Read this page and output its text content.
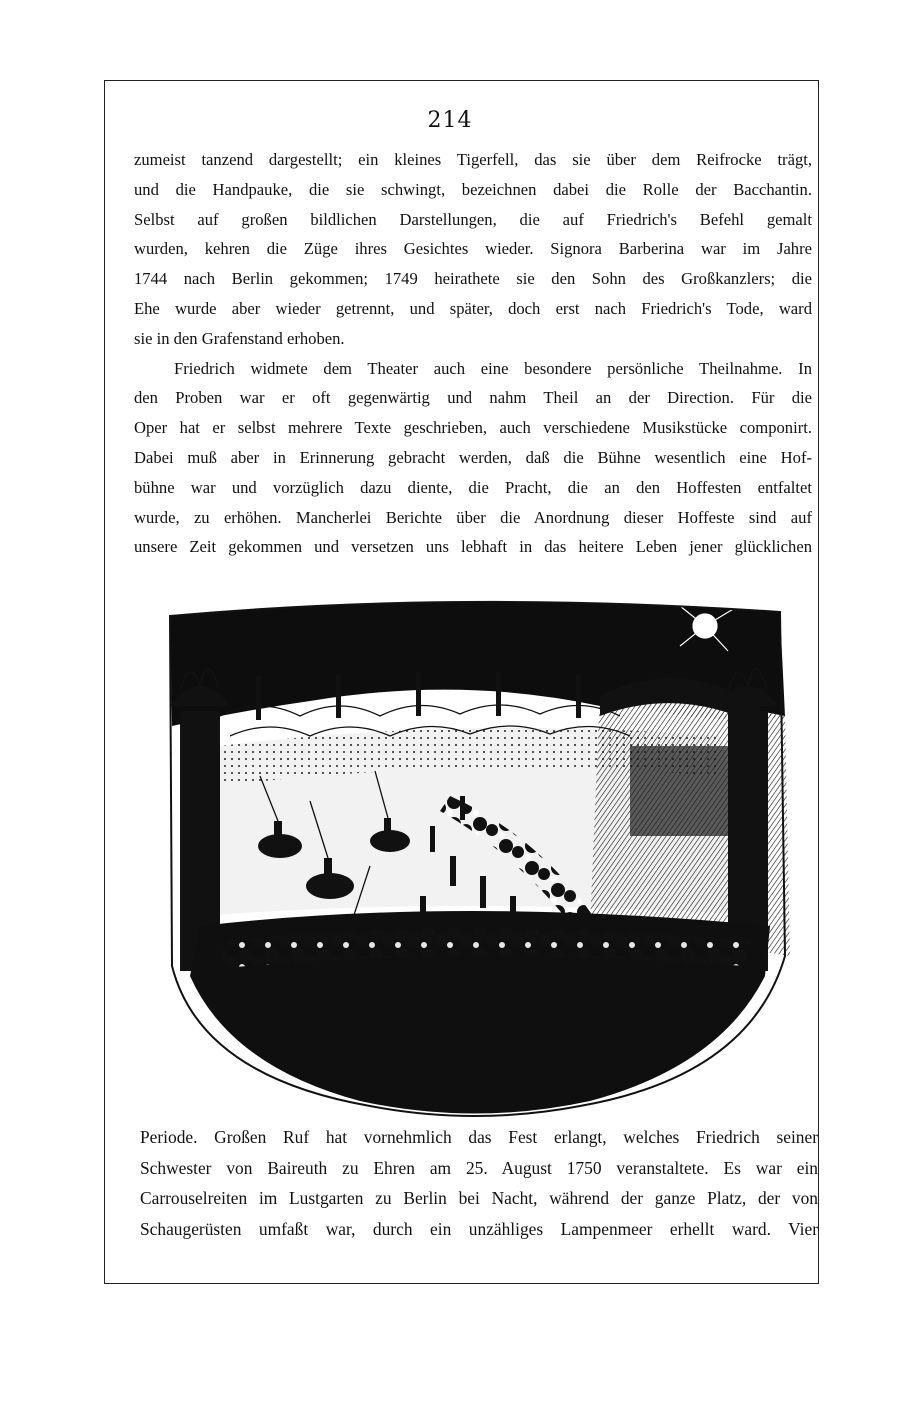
214
zumeist tanzend dargestellt; ein kleines Tigerfell, das sie über dem Reifrocke trägt,
und die Handpauke, die sie schwingt, bezeichnen dabei die Rolle der Bacchantin.
Selbst auf großen bildlichen Darstellungen, die auf Friedrich's Befehl gemalt
wurden, kehren die Züge ihres Gesichtes wieder. Signora Barberina war im Jahre
1744 nach Berlin gekommen; 1749 heirathete sie den Sohn des Großkanzlers; die
Ehe wurde aber wieder getrennt, und später, doch erst nach Friedrich's Tode, ward
sie in den Grafenstand erhoben.
Friedrich widmete dem Theater auch eine besondere persönliche Theilnahme. In
den Proben war er oft gegenwärtig und nahm Theil an der Direction. Für die
Oper hat er selbst mehrere Texte geschrieben, auch verschiedene Musikstücke componirt.
Dabei muß aber in Erinnerung gebracht werden, daß die Bühne wesentlich eine Hof-
bühne war und vorzüglich dazu diente, die Pracht, die an den Hoffesten entfaltet
wurde, zu erhöhen. Mancherlei Berichte über die Anordnung dieser Hoffeste sind auf
unsere Zeit gekommen und versetzen uns lebhaft in das heitere Leben jener glücklichen
Periode. Großen Ruf hat vornehmlich das Fest erlangt, welches Friedrich seiner
Schwester von Baireuth zu Ehren am 25. August 1750 veranstaltete. Es war ein
Carrouselreiten im Lustgarten zu Berlin bei Nacht, während der ganze Platz, der von
Schaugerüsten umfaßt war, durch ein unzähliges Lampenmeer erhellt ward. Vier
